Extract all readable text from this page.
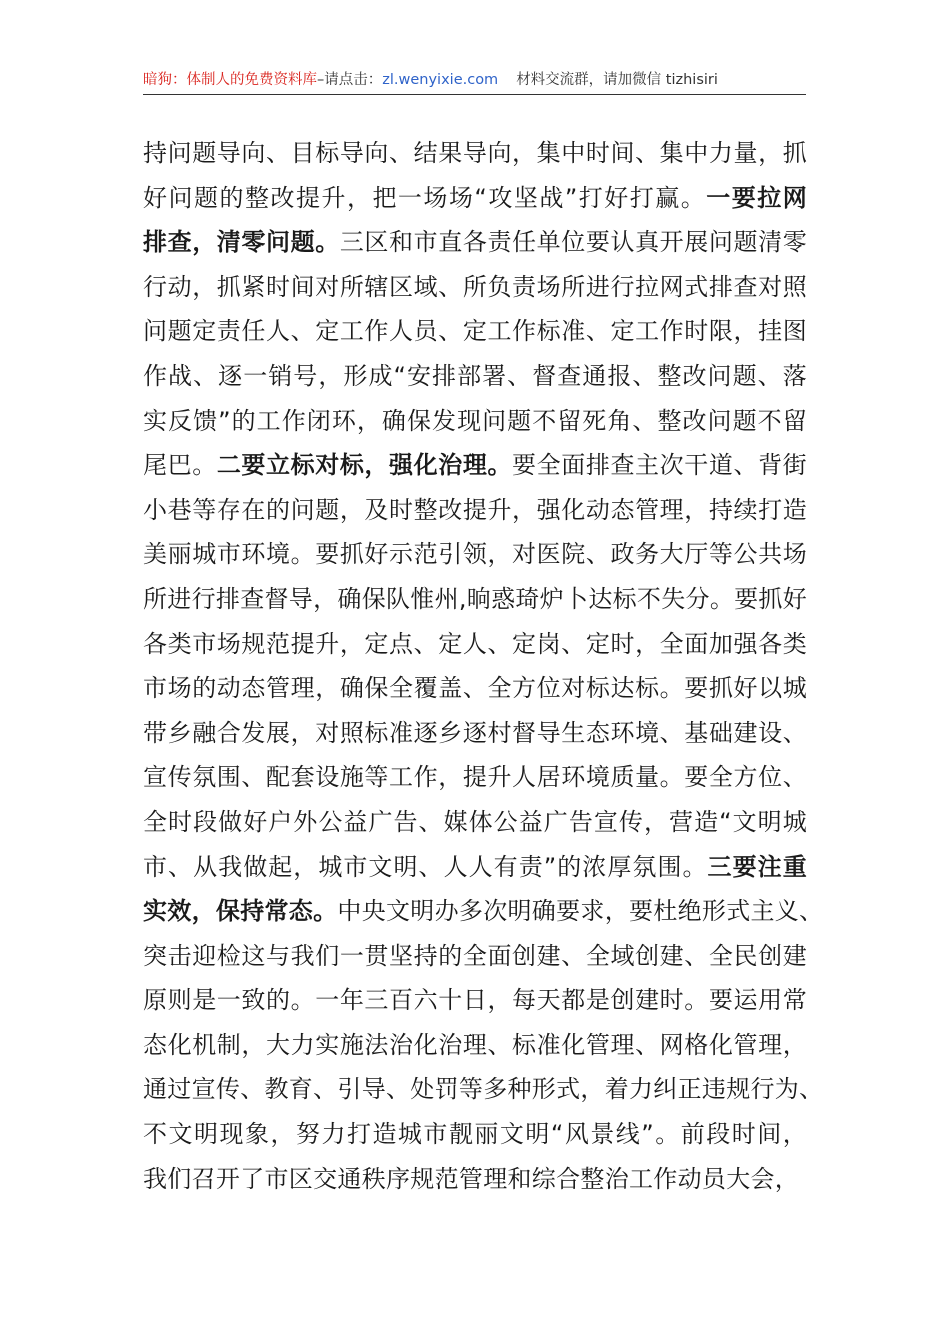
暗狗：体制人的免费资料库–请点击：zl.wenyixie.com 材料交流群，请加微信 tizhisiri
持问题导向、目标导向、结果导向，集中时间、集中力量，抓
好问题的整改提升，把一场场“攻坚战”打好打赢。一要拉网
排查，清零问题。三区和市直各责任单位要认真开展问题清零
行动，抓紧时间对所辖区域、所负责场所进行拉网式排查对照
问题定责任人、定工作人员、定工作标准、定工作时限，挂图
作战、逐一销号，形成“安排部署、督查通报、整改问题、落
实反馈”的工作闭环，确保发现问题不留死角、整改问题不留
尾巴。二要立标对标，强化治理。要全面排查主次干道、背街
小巷等存在的问题，及时整改提升，强化动态管理，持续打造
美丽城市环境。要抓好示范引领，对医院、政务大厅等公共场
所进行排查督导，确保队惟州,晌惑琦炉卜达标不失分。要抓好
各类市场规范提升，定点、定人、定岗、定时，全面加强各类
市场的动态管理，确保全覆盖、全方位对标达标。要抓好以城
带乡融合发展，对照标准逐乡逐村督导生态环境、基础建设、
宣传氛围、配套设施等工作，提升人居环境质量。要全方位、
全时段做好户外公益广告、媒体公益广告宣传，营造“文明城
市、从我做起，城市文明、人人有责”的浓厚氛围。三要注重
实效，保持常态。中央文明办多次明确要求，要杜绝形式主义、
突击迎检这与我们一贯坚持的全面创建、全域创建、全民创建
原则是一致的。一年三百六十日，每天都是创建时。要运用常
态化机制，大力实施法治化治理、标准化管理、网格化管理，
通过宣传、教育、引导、处罚等多种形式，着力纠正违规行为、
不文明现象，努力打造城市靓丽文明“风景线”。前段时间，
我们召开了市区交通秩序规范管理和综合整治工作动员大会，
